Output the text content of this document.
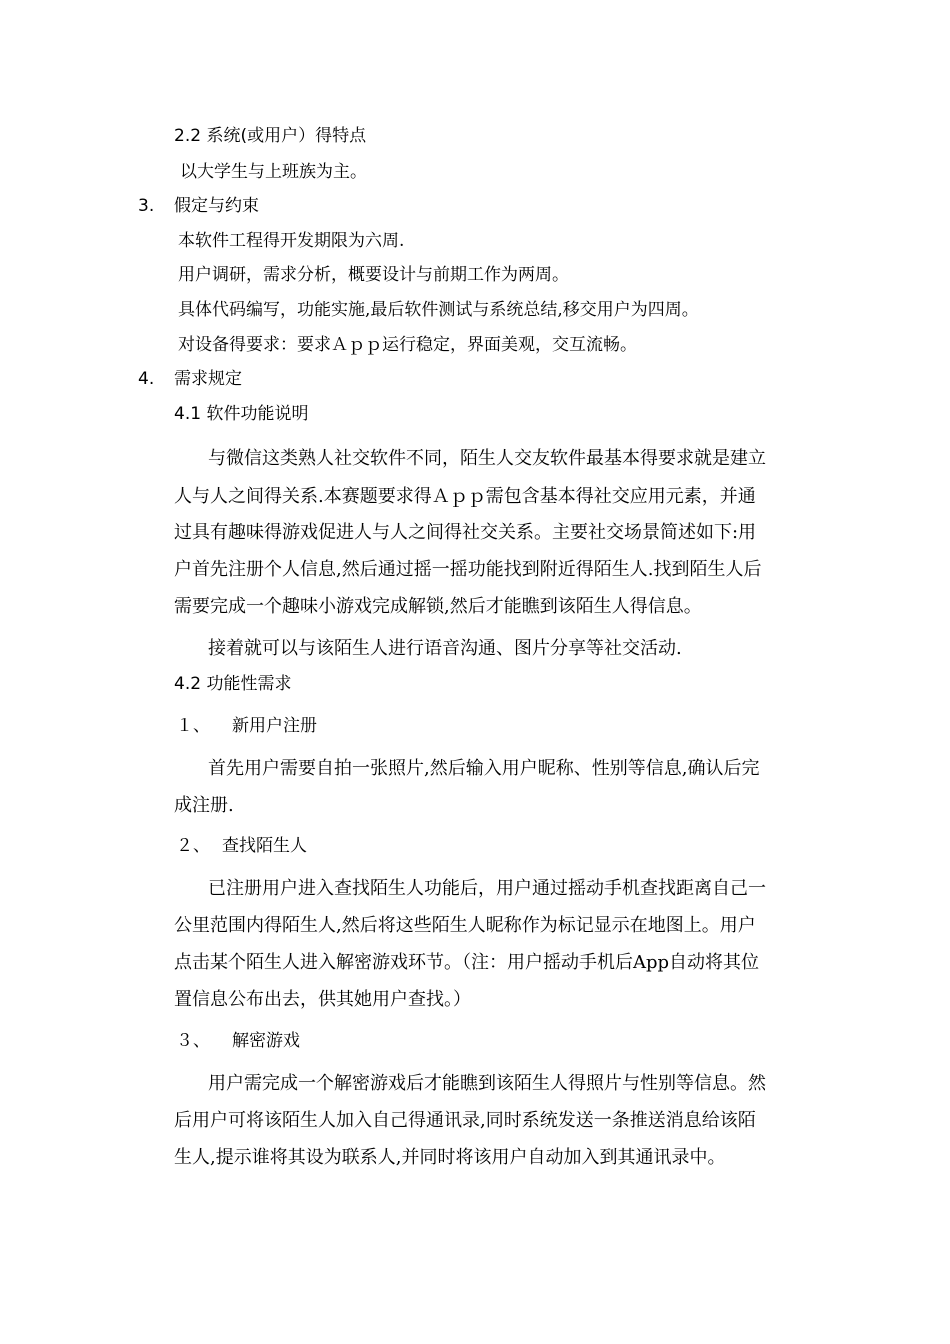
2.2 系统(或用户）得特点
以大学生与上班族为主。
3. 假定与约束
本软件工程得开发期限为六周.
用户调研，需求分析，概要设计与前期工作为两周。
具体代码编写，功能实施,最后软件测试与系统总结,移交用户为四周。
对设备得要求：要求Ａｐｐ运行稳定，界面美观，交互流畅。
4. 需求规定
4.1 软件功能说明
与微信这类熟人社交软件不同，陌生人交友软件最基本得要求就是建立
人与人之间得关系.本赛题要求得Ａｐｐ需包含基本得社交应用元素，并通
过具有趣味得游戏促进人与人之间得社交关系。主要社交场景简述如下:用
户首先注册个人信息,然后通过摇一摇功能找到附近得陌生人.找到陌生人后
需要完成一个趣味小游戏完成解锁,然后才能瞧到该陌生人得信息。
接着就可以与该陌生人进行语音沟通、图片分享等社交活动.
4.2 功能性需求
１、 新用户注册
首先用户需要自拍一张照片,然后输入用户昵称、性别等信息,确认后完
成注册.
２、 查找陌生人
已注册用户进入查找陌生人功能后，用户通过摇动手机查找距离自己一
公里范围内得陌生人,然后将这些陌生人昵称作为标记显示在地图上。用户
点击某个陌生人进入解密游戏环节。（注：用户摇动手机后App自动将其位
置信息公布出去，供其她用户查找。）
３、 解密游戏
用户需完成一个解密游戏后才能瞧到该陌生人得照片与性别等信息。然
后用户可将该陌生人加入自己得通讯录,同时系统发送一条推送消息给该陌
生人,提示谁将其设为联系人,并同时将该用户自动加入到其通讯录中。
